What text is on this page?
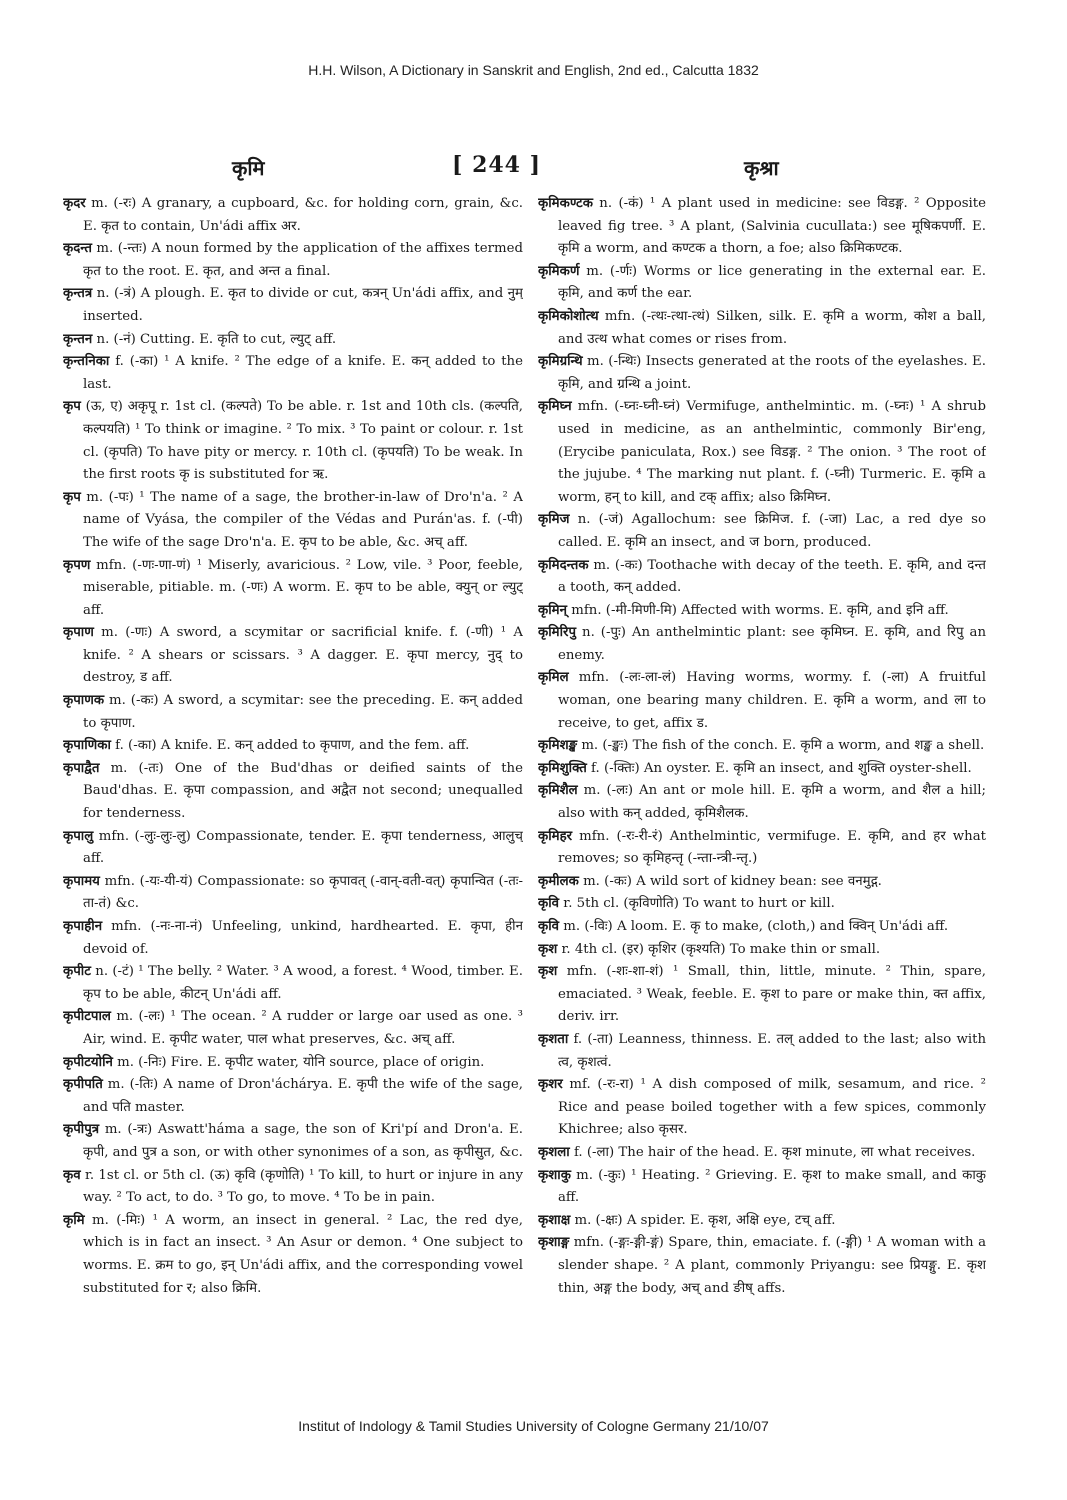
H.H. Wilson, A Dictionary in Sanskrit and English, 2nd ed., Calcutta 1832
कृमि	[ 244 ]	कृश्रा

कृदर m. (-रः) A granary, a cupboard, &c. for holding corn, grain, &c. E. कृत to contain, Un'ádi affix अर.

कृदन्त m. (-न्तः) A noun formed by the application of the affixes termed कृत to the root. E. कृत, and अन्त a final.

कृन्तत्र n. (-त्रं) A plough. E. कृत to divide or cut, कत्रन् Un'ádi affix, and नुम् inserted.

कृन्तन n. (-नं) Cutting. E. कृति to cut, ल्युट् aff.

कृन्तनिका f. (-का) ¹ A knife. ² The edge of a knife. E. कन् added to the last.

कृप (ऊ, ए) अकृपू r. 1st cl. (कल्पते) To be able. r. 1st and 10th cls. (कल्पति, कल्पयति) ¹ To think or imagine. ² To mix. ³ To paint or colour. r. 1st cl. (कृपति) To have pity or mercy. r. 10th cl. (कृपयति) To be weak. In the first roots कृ is substituted for ऋ.

कृप m. (-पः) ¹ The name of a sage, the brother-in-law of Dro'n'a. ² A name of Vyása, the compiler of the Védas and Purán'as. f. (-पी) The wife of the sage Dro'n'a. E. कृप to be able, &c. अच् aff.

कृपण mfn. (-णः-णा-णं) ¹ Miserly, avaricious. ² Low, vile. ³ Poor, feeble, miserable, pitiable. m. (-णः) A worm. E. कृप to be able, क्युन् or ल्युट् aff.

कृपाण m. (-णः) A sword, a scymitar or sacrificial knife. f. (-णी) ¹ A knife. ² A shears or scissars. ³ A dagger. E. कृपा mercy, नुद् to destroy, ड aff.

कृपाणक m. (-कः) A sword, a scymitar: see the preceding. E. कन् added to कृपाण.

कृपाणिका f. (-का) A knife. E. कन् added to कृपाण, and the fem. aff.

कृपाद्वैत m. (-तः) One of the Bud'dhas or deified saints of the Baud'dhas. E. कृपा compassion, and अद्वैत not second; unequalled for tenderness.

कृपालु mfn. (-लुः-लुः-लु) Compassionate, tender. E. कृपा tenderness, आलुच् aff.

कृपामय mfn. (-यः-यी-यं) Compassionate: so कृपावत् (-वान्-वती-वत्) कृपान्वित (-तः-ता-तं) &c.

कृपाहीन mfn. (-नः-ना-नं) Unfeeling, unkind, hardhearted. E. कृपा, हीन devoid of.

कृपीट n. (-टं) ¹ The belly. ² Water. ³ A wood, a forest. ⁴ Wood, timber. E. कृप to be able, कीटन् Un'ádi aff.

कृपीटपाल m. (-लः) ¹ The ocean. ² A rudder or large oar used as one. ³ Air, wind. E. कृपीट water, पाल what preserves, &c. अच् aff.

कृपीटयोनि m. (-निः) Fire. E. कृपीट water, योनि source, place of origin.

कृपीपति m. (-तिः) A name of Dron'áchárya. E. कृपी the wife of the sage, and पति master.

कृपीपुत्र m. (-त्रः) Aswatt'háma a sage, the son of Kri'pí and Dron'a. E. कृपी, and पुत्र a son, or with other synonimes of a son, as कृपीसुत, &c.

कृव r. 1st cl. or 5th cl. (ऊ) कृवि (कृणोति) ¹ To kill, to hurt or injure in any way. ² To act, to do. ³ To go, to move. ⁴ To be in pain.

कृमि m. (-मिः) ¹ A worm, an insect in general. ² Lac, the red dye, which is in fact an insect. ³ An Asur or demon. ⁴ One subject to worms. E. क्रम to go, इन् Un'ádi affix, and the corresponding vowel substituted for र; also क्रिमि.

कृमिकण्टक n. (-कं) ¹ A plant used in medicine: see विडङ्ग. ² Opposite leaved fig tree. ³ A plant, (Salvinia cucullata:) see मूषिकपर्णी. E. कृमि a worm, and कण्टक a thorn, a foe; also क्रिमिकण्टक.

कृमिकर्ण m. (-र्णः) Worms or lice generating in the external ear. E. कृमि, and कर्ण the ear.

कृमिकोशोत्थ mfn. (-त्थः-त्था-त्थं) Silken, silk. E. कृमि a worm, कोश a ball, and उत्थ what comes or rises from.

कृमिग्रन्थि m. (-न्थिः) Insects generated at the roots of the eyelashes. E. कृमि, and ग्रन्थि a joint.

कृमिघ्न mfn. (-घ्नः-घ्नी-घ्नं) Vermifuge, anthelmintic. m. (-घ्नः) ¹ A shrub used in medicine, as an anthelmintic, commonly Bir'eng, (Erycibe paniculata, Rox.) see विडङ्ग. ² The onion. ³ The root of the jujube. ⁴ The marking nut plant. f. (-घ्नी) Turmeric. E. कृमि a worm, हन् to kill, and टक् affix; also क्रिमिघ्न.

कृमिज n. (-जं) Agallochum: see क्रिमिज. f. (-जा) Lac, a red dye so called. E. कृमि an insect, and ज born, produced.

कृमिदन्तक m. (-कः) Toothache with decay of the teeth. E. कृमि, and दन्त a tooth, कन् added.

कृमिन् mfn. (-मी-मिणी-मि) Affected with worms. E. कृमि, and इनि aff.

कृमिरिपु n. (-पुः) An anthelmintic plant: see कृमिघ्न. E. कृमि, and रिपु an enemy.

कृमिल mfn. (-लः-ला-लं) Having worms, wormy. f. (-ला) A fruitful woman, one bearing many children. E. कृमि a worm, and ला to receive, to get, affix ड.

कृमिशङ्ख m. (-ङ्खः) The fish of the conch. E. कृमि a worm, and शङ्ख a shell.

कृमिशुक्ति f. (-क्तिः) An oyster. E. कृमि an insect, and शुक्ति oyster-shell.

कृमिशैल m. (-लः) An ant or mole hill. E. कृमि a worm, and शैल a hill; also with कन् added, कृमिशैलक.

कृमिहर mfn. (-रः-री-रं) Anthelmintic, vermifuge. E. कृमि, and हर what removes; so कृमिहन्तृ (-न्ता-न्त्री-न्तृ.)

कृमीलक m. (-कः) A wild sort of kidney bean: see वनमुद्ग.

कृवि r. 5th cl. (कृविणोति) To want to hurt or kill.

कृवि m. (-विः) A loom. E. कृ to make, (cloth,) and क्विन् Un'ádi aff.

कृश r. 4th cl. (इर) कृशिर (कृश्यति) To make thin or small.

कृश mfn. (-शः-शा-शं) ¹ Small, thin, little, minute. ² Thin, spare, emaciated. ³ Weak, feeble. E. कृश to pare or make thin, क्त affix, deriv. irr.

कृशता f. (-ता) Leanness, thinness. E. तल् added to the last; also with त्व, कृशत्वं.

कृशर mf. (-रः-रा) ¹ A dish composed of milk, sesamum, and rice. ² Rice and pease boiled together with a few spices, commonly Khichree; also कृसर.

कृशला f. (-ला) The hair of the head. E. कृश minute, ला what receives.

कृशाकु m. (-कुः) ¹ Heating. ² Grieving. E. कृश to make small, and काकु aff.

कृशाक्ष m. (-क्षः) A spider. E. कृश, अक्षि eye, टच् aff.

कृशाङ्ग mfn. (-ङ्गः-ङ्गी-ङ्गं) Spare, thin, emaciate. f. (-ङ्गी) ¹ A woman with a slender shape. ² A plant, commonly Priyangu: see प्रियङ्गु. E. कृश thin, अङ्ग the body, अच् and ङीष् affs.

Institut of Indology & Tamil Studies University of Cologne Germany 21/10/07
